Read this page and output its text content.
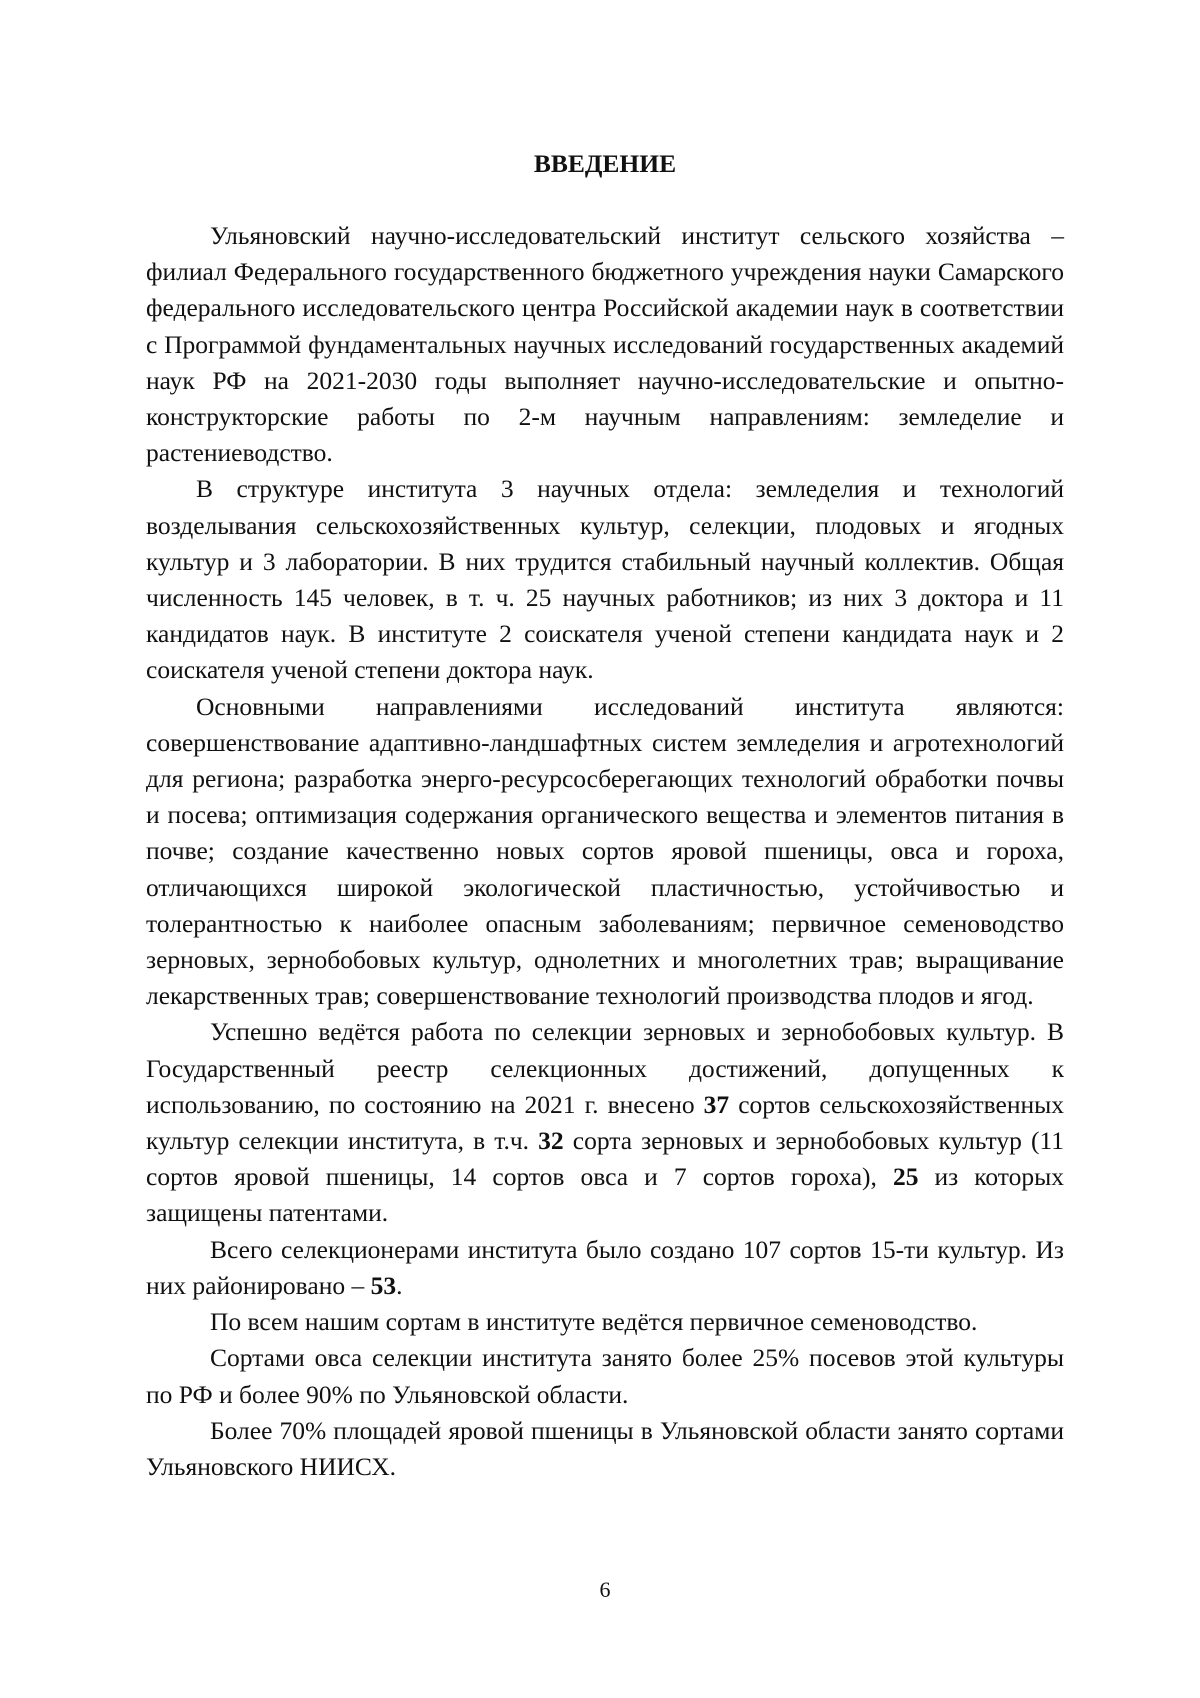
ВВЕДЕНИЕ

Ульяновский научно-исследовательский институт сельского хозяйства – филиал Федерального государственного бюджетного учреждения науки Самарского федерального исследовательского центра Российской академии наук в соответствии с Программой фундаментальных научных исследований государственных академий наук РФ на 2021-2030 годы выполняет научно-исследовательские и опытно-конструкторские работы по 2-м научным направлениям: земледелие и растениеводство.

В структуре института 3 научных отдела: земледелия и технологий возделывания сельскохозяйственных культур, селекции, плодовых и ягодных культур и 3 лаборатории. В них трудится стабильный научный коллектив. Общая численность 145 человек, в т. ч. 25 научных работников; из них 3 доктора и 11 кандидатов наук. В институте 2 соискателя ученой степени кандидата наук и 2 соискателя ученой степени доктора наук.

Основными направлениями исследований института являются: совершенствование адаптивно-ландшафтных систем земледелия и агротехнологий для региона; разработка энерго-ресурсосберегающих технологий обработки почвы и посева; оптимизация содержания органического вещества и элементов питания в почве; создание качественно новых сортов яровой пшеницы, овса и гороха, отличающихся широкой экологической пластичностью, устойчивостью и толерантностью к наиболее опасным заболеваниям; первичное семеноводство зерновых, зернобобовых культур, однолетних и многолетних трав; выращивание лекарственных трав; совершенствование технологий производства плодов и ягод.

Успешно ведётся работа по селекции зерновых и зернобобовых культур. В Государственный реестр селекционных достижений, допущенных к использованию, по состоянию на 2021 г. внесено 37 сортов сельскохозяйственных культур селекции института, в т.ч. 32 сорта зерновых и зернобобовых культур (11 сортов яровой пшеницы, 14 сортов овса и 7 сортов гороха), 25 из которых защищены патентами.

Всего селекционерами института было создано 107 сортов 15-ти культур. Из них районировано – 53.

По всем нашим сортам в институте ведётся первичное семеноводство.

Сортами овса селекции института занято более 25% посевов этой культуры по РФ и более 90% по Ульяновской области.

Более 70% площадей яровой пшеницы в Ульяновской области занято сортами Ульяновского НИИСХ.

6
